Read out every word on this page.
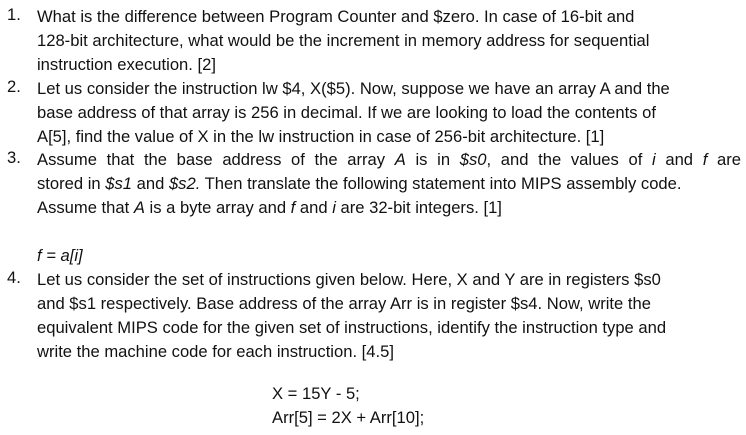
1. What is the difference between Program Counter and $zero. In case of 16-bit and
128-bit architecture, what would be the increment in memory address for sequential
instruction execution. [2]
2. Let us consider the instruction lw $4, X($5). Now, suppose we have an array A and the
base address of that array is 256 in decimal. If we are looking to load the contents of
A[5], find the value of X in the lw instruction in case of 256-bit architecture. [1]
3. Assume that the base address of the array A is in $s0, and the values of i and f are
stored in $s1 and $s2. Then translate the following statement into MIPS assembly code.
Assume that A is a byte array and f and i are 32-bit integers. [1]
f = a[i]
4. Let us consider the set of instructions given below. Here, X and Y are in registers $s0
and $s1 respectively. Base address of the array Arr is in register $s4. Now, write the
equivalent MIPS code for the given set of instructions, identify the instruction type and
write the machine code for each instruction. [4.5]
X = 15Y - 5;
Arr[5] = 2X + Arr[10];
